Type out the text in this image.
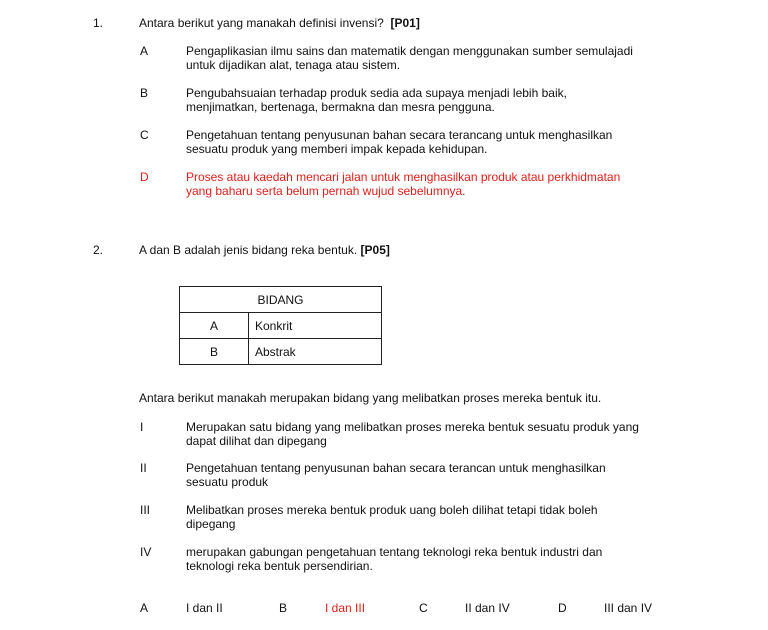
1.	Antara berikut yang manakah definisi invensi? [P01]
A	Pengaplikasian ilmu sains dan matematik dengan menggunakan sumber semulajadi
untuk dijadikan alat, tenaga atau sistem.
B	Pengubahsuaian terhadap produk sedia ada supaya menjadi lebih baik,
menjimatkan, bertenaga, bermakna dan mesra pengguna.
C	Pengetahuan tentang penyusunan bahan secara terancang untuk menghasilkan
sesuatu produk yang memberi impak kepada kehidupan.
D	Proses atau kaedah mencari jalan untuk menghasilkan produk atau perkhidmatan
yang baharu serta belum pernah wujud sebelumnya.
2.	A dan B adalah jenis bidang reka bentuk. [P05]
BIDANG	
A	Konkrit
B	Abstrak
Antara berikut manakah merupakan bidang yang melibatkan proses mereka bentuk itu.
I	Merupakan satu bidang yang melibatkan proses mereka bentuk sesuatu produk yang
dapat dilihat dan dipegang
II	Pengetahuan tentang penyusunan bahan secara terancan untuk menghasilkan
sesuatu produk
III	Melibatkan proses mereka bentuk produk uang boleh dilihat tetapi tidak boleh
dipegang
IV	merupakan gabungan pengetahuan tentang teknologi reka bentuk industri dan
teknologi reka bentuk persendirian.
A	I dan II	B	I dan III	C	II dan IV	D	III dan IV
